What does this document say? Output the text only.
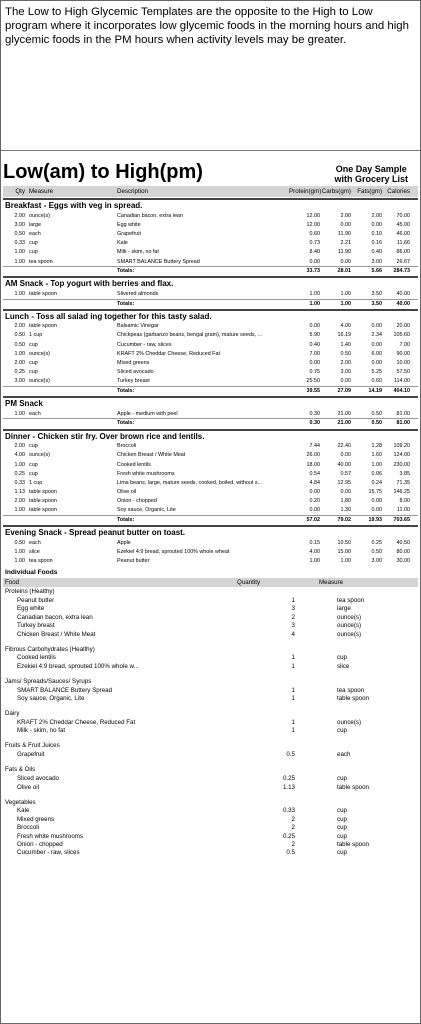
The Low to High Glycemic Templates are the opposite to the High to Low program where it incorporates low glycemic foods in the morning hours and high glycemic foods in the PM hours when activity levels may be greater.
Low(am) to High(pm)	One Day Sample
with Grocery List
Qty Measure	Description	Protein(gm) Carbs(gm)	Fats(gm) Calories
Breakfast - Eggs with veg in spread.
2.00 ounce(s)	Canadian bacon, extra lean	12.00	2.00	2.00	70.00
3.00 large	Egg white	12.00	0.00	0.00	45.00
0.50 each	Grapefruit	0.60	11.90	0.10	46.00
0.33 cup	Kale	0.73	2.21	0.16	11.66
1.00 cup	Milk - skim, no fat	8.40	11.90	0.40	86.00
1.00 tea spoon	SMART BALANCE Buttery Spread	0.00	0.00	3.00	26.67
Totals:	33.73	28.01	5.66	284.73
AM Snack - Top yogurt with berries and flax.
1.00 table spoon	Slivered almonds	1.00	1.00	3.50	40.00
Totals:	1.00	1.00	3.50	40.00
Lunch - Toss all salad ing together for this tasty salad.
2.00 table spoon	Balsamic Vinegar	0.00	4.00	0.00	20.00
0.50 1 cup	Chickpeas (garbanzo beans, bengal gram), mature seeds, ...	5.90	16.19	2.34	105.60
0.50 cup	Cucumber - raw, slices	0.40	1.40	0.00	7.00
1.00 ounce(s)	KRAFT 2% Cheddar Cheese, Reduced Fat	7.00	0.50	6.00	90.00
2.00 cup	Mixed greens	0.00	2.00	0.00	10.00
0.25 cup	Sliced avocado	0.75	3.00	5.25	57.50
3.00 ounce(s)	Turkey breast	25.50	0.00	0.60	114.00
Totals:	39.55	27.09	14.19	404.10
PM Snack
1.00 each	Apple - medium with peel	0.30	21.00	0.50	81.00
Totals:	0.30	21.00	0.50	81.00
Dinner - Chicken stir fry. Over brown rice and lentils.
2.00 cup	Broccoli	7.44	22.40	1.28	109.20
4.00 ounce(s)	Chicken Breast / White Meat	26.00	0.00	1.60	124.00
1.00 cup	Cooked lentils	18.00	40.00	1.00	230.00
0.25 cup	Fresh white mushrooms	0.54	0.57	0.06	3.85
0.33 1 cup	Lima beans, large, mature seeds, cooked, boiled, without s...	4.84	12.95	0.24	71.35
1.13 table spoon	Olive oil	0.00	0.00	15.75	146.25
2.00 table spoon	Onion - chopped	0.20	1.80	0.00	8.00
1.00 table spoon	Soy sauce, Organic, Lite	0.00	1.30	0.00	11.00
Totals:	57.02	79.02	19.93	703.65
Evening Snack - Spread peanut butter on toast.
0.50 each	Apple	0.15	10.50	0.25	40.50
1.00 slice	Ezekiel 4:9 bread, sprouted 100% whole wheat	4.00	15.00	0.50	80.00
1.00 tea spoon	Peanut butter	1.00	1.00	3.00	30.00
Individual Foods
Food	Quantity	Measure
Proteins (Healthy)
Peanut butter	1	tea spoon
Egg white	3	large
Canadian bacon, extra lean	2	ounce(s)
Turkey breast	3	ounce(s)
Chicken Breast / White Meat	4	ounce(s)
Fibrous Carbohydrates (Healthy)
Cooked lentils	1	cup
Ezekiel 4:9 bread, sprouted 100% whole w...	1	slice
Jams/ Spreads/Sauces/ Syrups
SMART BALANCE Buttery Spread	1	tea spoon
Soy sauce, Organic, Lite	1	table spoon
Dairy
KRAFT 2% Cheddar Cheese, Reduced Fat	1	ounce(s)
Milk - skim, no fat	1	cup
Fruits & Fruit Juices
Grapefruit	0.5	each
Fats & Oils
Sliced avocado	0.25	cup
Olive oil	1.13	table spoon
Vegetables
Kale	0.33	cup
Mixed greens	2	cup
Broccoli	2	cup
Fresh white mushrooms	0.25	cup
Onion - chopped	2	table spoon
Cucumber - raw, slices	0.5	cup
